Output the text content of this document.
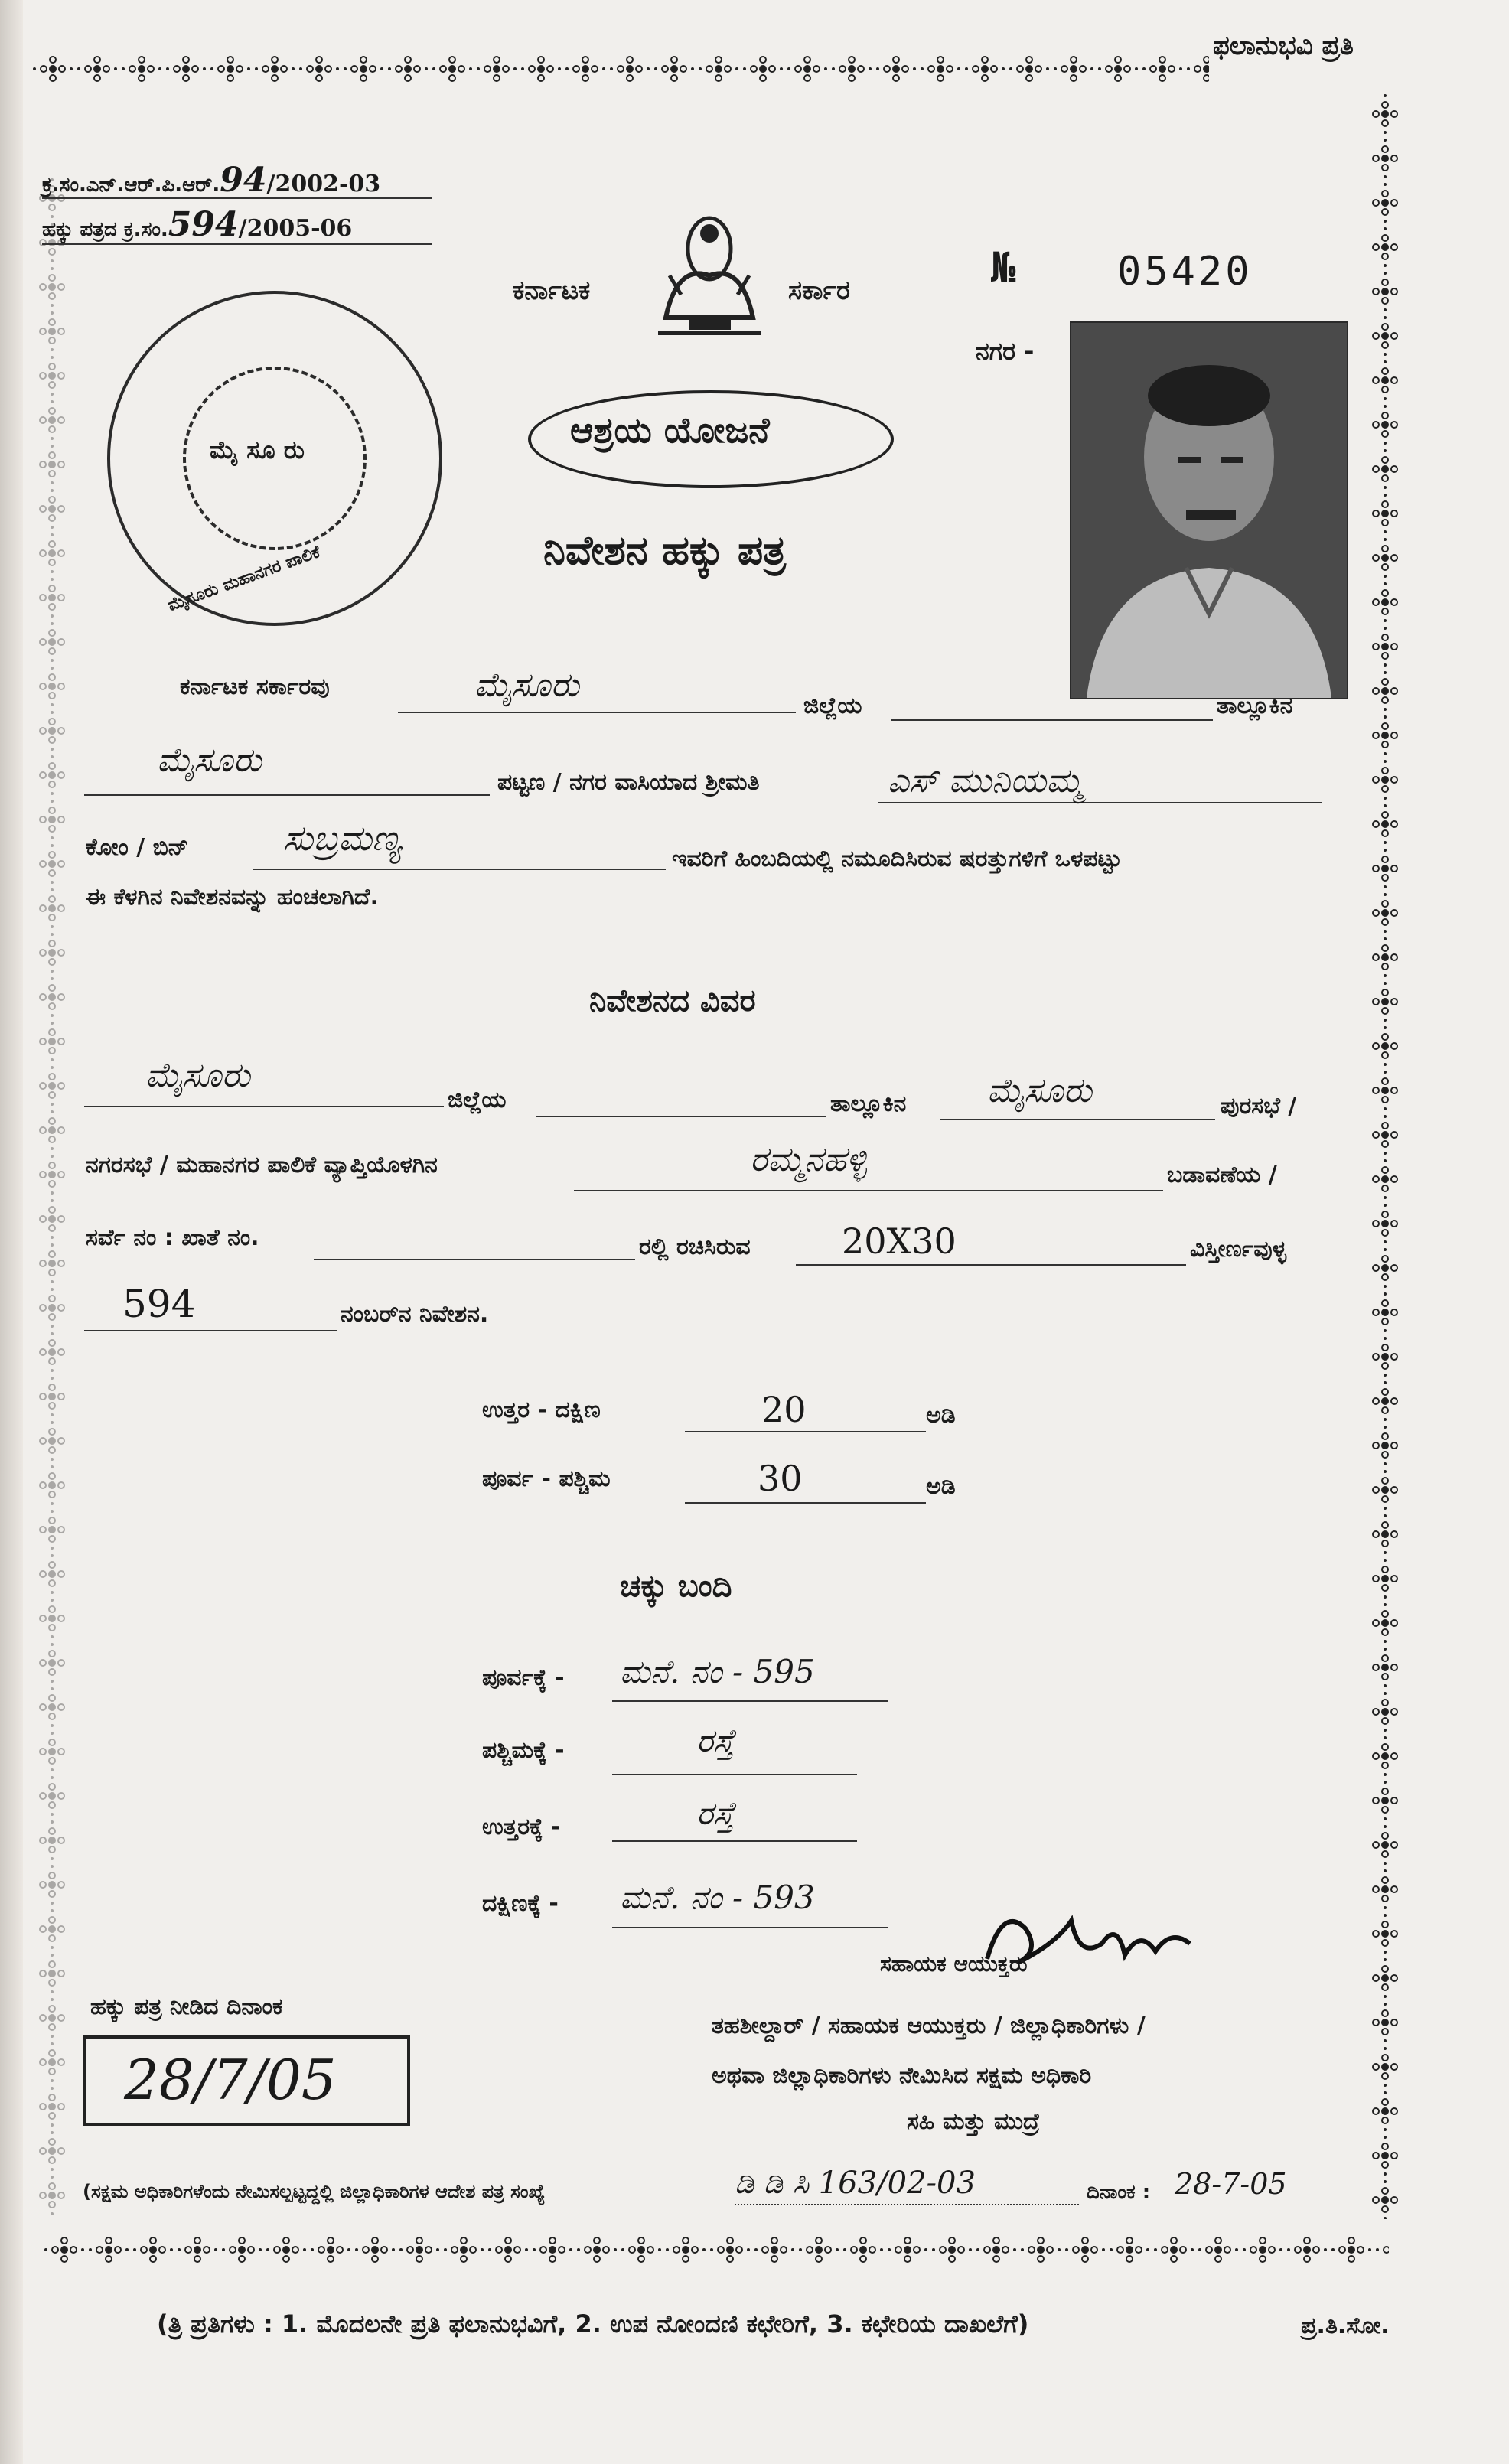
ಫಲಾನುಭವಿ ಪ್ರತಿ
ಕ್ರ.ಸಂ.ಎನ್.ಆರ್.ಪಿ.ಆರ್.94/2002-03
ಹಕ್ಕು ಪತ್ರದ ಕ್ರ.ಸಂ.594/2005-06
ಮೈ ಸೂ ರು
ಮೈಸೂರು ಮಹಾನಗರ ಪಾಲಿಕೆ
ಕರ್ನಾಟಕ	ಸರ್ಕಾರ	№	05420
ನಗರ -
ಆಶ್ರಯ ಯೋಜನೆ
ನಿವೇಶನ ಹಕ್ಕು ಪತ್ರ
ಕರ್ನಾಟಕ ಸರ್ಕಾರವು	ಮೈಸೂರು
ಜಿಲ್ಲೆಯ	ತಾಲ್ಲೂಕಿನ
ಮೈಸೂರು
ಪಟ್ಟಣ / ನಗರ ವಾಸಿಯಾದ ಶ್ರೀಮತಿ	ಎಸ್ ಮುನಿಯಮ್ಮ
ಕೋಂ / ಬಿನ್	ಸುಬ್ರಮಣ್ಯ
ಇವರಿಗೆ ಹಿಂಬದಿಯಲ್ಲಿ ನಮೂದಿಸಿರುವ ಷರತ್ತುಗಳಿಗೆ ಒಳಪಟ್ಟು
ಈ ಕೆಳಗಿನ ನಿವೇಶನವನ್ನು ಹಂಚಲಾಗಿದೆ.
ನಿವೇಶನದ ವಿವರ
ಮೈಸೂರು
ಜಿಲ್ಲೆಯ	ತಾಲ್ಲೂಕಿನ ಮೈಸೂರು	ಪುರಸಭೆ /
ನಗರಸಭೆ / ಮಹಾನಗರ ಪಾಲಿಕೆ ವ್ಯಾಪ್ತಿಯೊಳಗಿನ	ರಮ್ಮನಹಳ್ಳಿ	ಬಡಾವಣೆಯ /
ಸರ್ವೆ ನಂ : ಖಾತೆ ನಂ.	ರಲ್ಲಿ ರಚಿಸಿರುವ	20X30	ವಿಸ್ತೀರ್ಣವುಳ್ಳ
594	ನಂಬರ್‌ನ ನಿವೇಶನ.
ಉತ್ತರ - ದಕ್ಷಿಣ	20	ಅಡಿ
ಪೂರ್ವ - ಪಶ್ಚಿಮ	30	ಅಡಿ
ಚಕ್ಕು ಬಂದಿ
ಪೂರ್ವಕ್ಕೆ - ಮನೆ. ನಂ - 595
ಪಶ್ಚಿಮಕ್ಕೆ -	ರಸ್ತೆ
ಉತ್ತರಕ್ಕೆ -	ರಸ್ತೆ
ದಕ್ಷಿಣಕ್ಕೆ - ಮನೆ. ನಂ - 593
ಸಹಾಯಕ ಆಯುಕ್ತರು
ಹಕ್ಕು ಪತ್ರ ನೀಡಿದ ದಿನಾಂಕ
28/7/05
ತಹಶೀಲ್ದಾರ್ / ಸಹಾಯಕ ಆಯುಕ್ತರು / ಜಿಲ್ಲಾಧಿಕಾರಿಗಳು /
ಅಥವಾ ಜಿಲ್ಲಾಧಿಕಾರಿಗಳು ನೇಮಿಸಿದ ಸಕ್ಷಮ ಅಧಿಕಾರಿ
ಸಹಿ ಮತ್ತು ಮುದ್ರೆ
(ಸಕ್ಷಮ ಅಧಿಕಾರಿಗಳೆಂದು ನೇಮಿಸಲ್ಪಟ್ಟದ್ದಲ್ಲಿ ಜಿಲ್ಲಾಧಿಕಾರಿಗಳ ಆದೇಶ ಪತ್ರ ಸಂಖ್ಯೆ	ಡಿ ಡಿ ಸಿ 163/02-03	ದಿನಾಂಕ : 28-7-05
(ತ್ರಿ ಪ್ರತಿಗಳು : 1. ಮೊದಲನೇ ಪ್ರತಿ ಫಲಾನುಭವಿಗೆ, 2. ಉಪ ನೋಂದಣಿ ಕಛೇರಿಗೆ, 3. ಕಛೇರಿಯ ದಾಖಲೆಗೆ)	ಪ್ರ.ತಿ.ಸೋ.
